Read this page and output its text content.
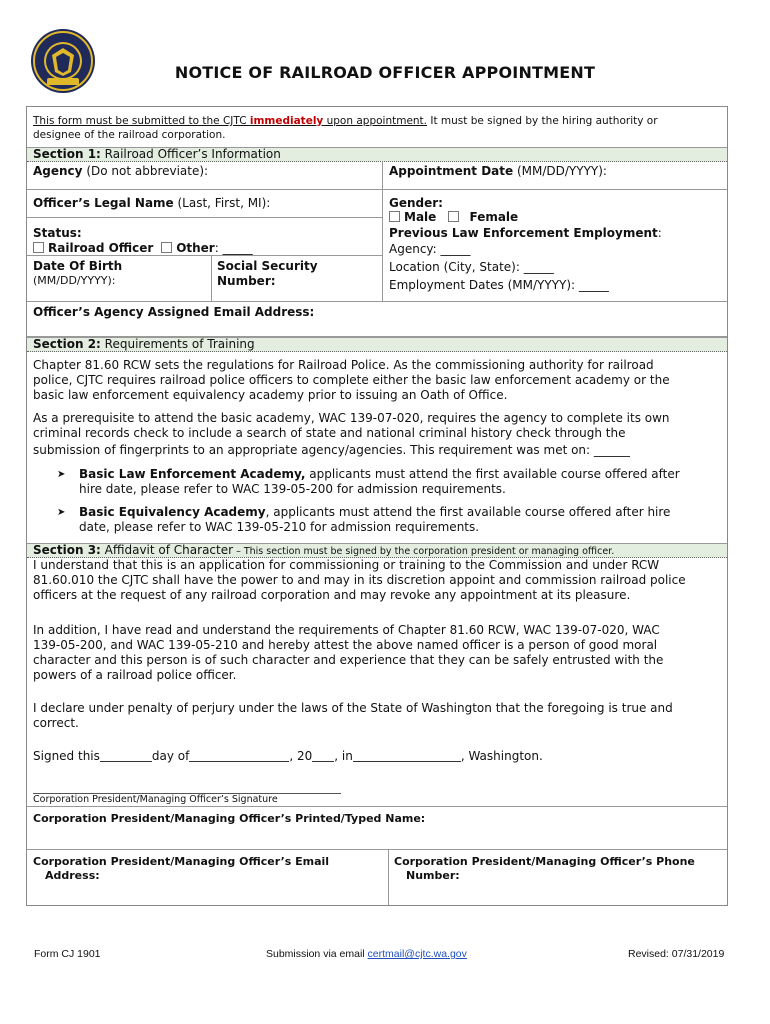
NOTICE OF RAILROAD OFFICER APPOINTMENT
This form must be submitted to the CJTC immediately upon appointment. It must be signed by the hiring authority or
designee of the railroad corporation.
Section 1: Railroad Officer’s Information
Agency (Do not abbreviate):	Appointment Date (MM/DD/YYYY):
Officer’s Legal Name (Last, First, MI):	Gender:
Male	Female
Status:
Railroad Officer Other: _____
Previous Law Enforcement Employment:
Agency: _____
Location (City, State): _____
Employment Dates (MM/YYYY): _____
Date Of Birth
(MM/DD/YYYY):
Social Security
Number:
Officer’s Agency Assigned Email Address:
Section 2: Requirements of Training
Chapter 81.60 RCW sets the regulations for Railroad Police. As the commissioning authority for railroad
police, CJTC requires railroad police officers to complete either the basic law enforcement academy or the
basic law enforcement equivalency academy prior to issuing an Oath of Office.
As a prerequisite to attend the basic academy, WAC 139-07-020, requires the agency to complete its own
criminal records check to include a search of state and national criminal history check through the
submission of fingerprints to an appropriate agency/agencies. This requirement was met on: ______
➤ Basic Law Enforcement Academy, applicants must attend the first available course offered after
hire date, please refer to WAC 139-05-200 for admission requirements.
➤ Basic Equivalency Academy, applicants must attend the first available course offered after hire
date, please refer to WAC 139-05-210 for admission requirements.
Section 3: Affidavit of Character – This section must be signed by the corporation president or managing officer.
I understand that this is an application for commissioning or training to the Commission and under RCW
81.60.010 the CJTC shall have the power to and may in its discretion appoint and commission railroad police
officers at the request of any railroad corporation and may revoke any appointment at its pleasure.
In addition, I have read and understand the requirements of Chapter 81.60 RCW, WAC 139-07-020, WAC
139-05-200, and WAC 139-05-210 and hereby attest the above named officer is a person of good moral
character and this person is of such character and experience that they can be safely entrusted with the
powers of a railroad police officer.
I declare under penalty of perjury under the laws of the State of Washington that the foregoing is true and
correct.
Signed this	day of	, 20 , in	, Washington.
Corporation President/Managing Officer’s Signature
Corporation President/Managing Officer’s Printed/Typed Name:
Corporation President/Managing Officer’s Email
Address:
Corporation President/Managing Officer’s Phone
Number:
Form CJ 1901	Submission via email certmail@cjtc.wa.gov	Revised: 07/31/2019
